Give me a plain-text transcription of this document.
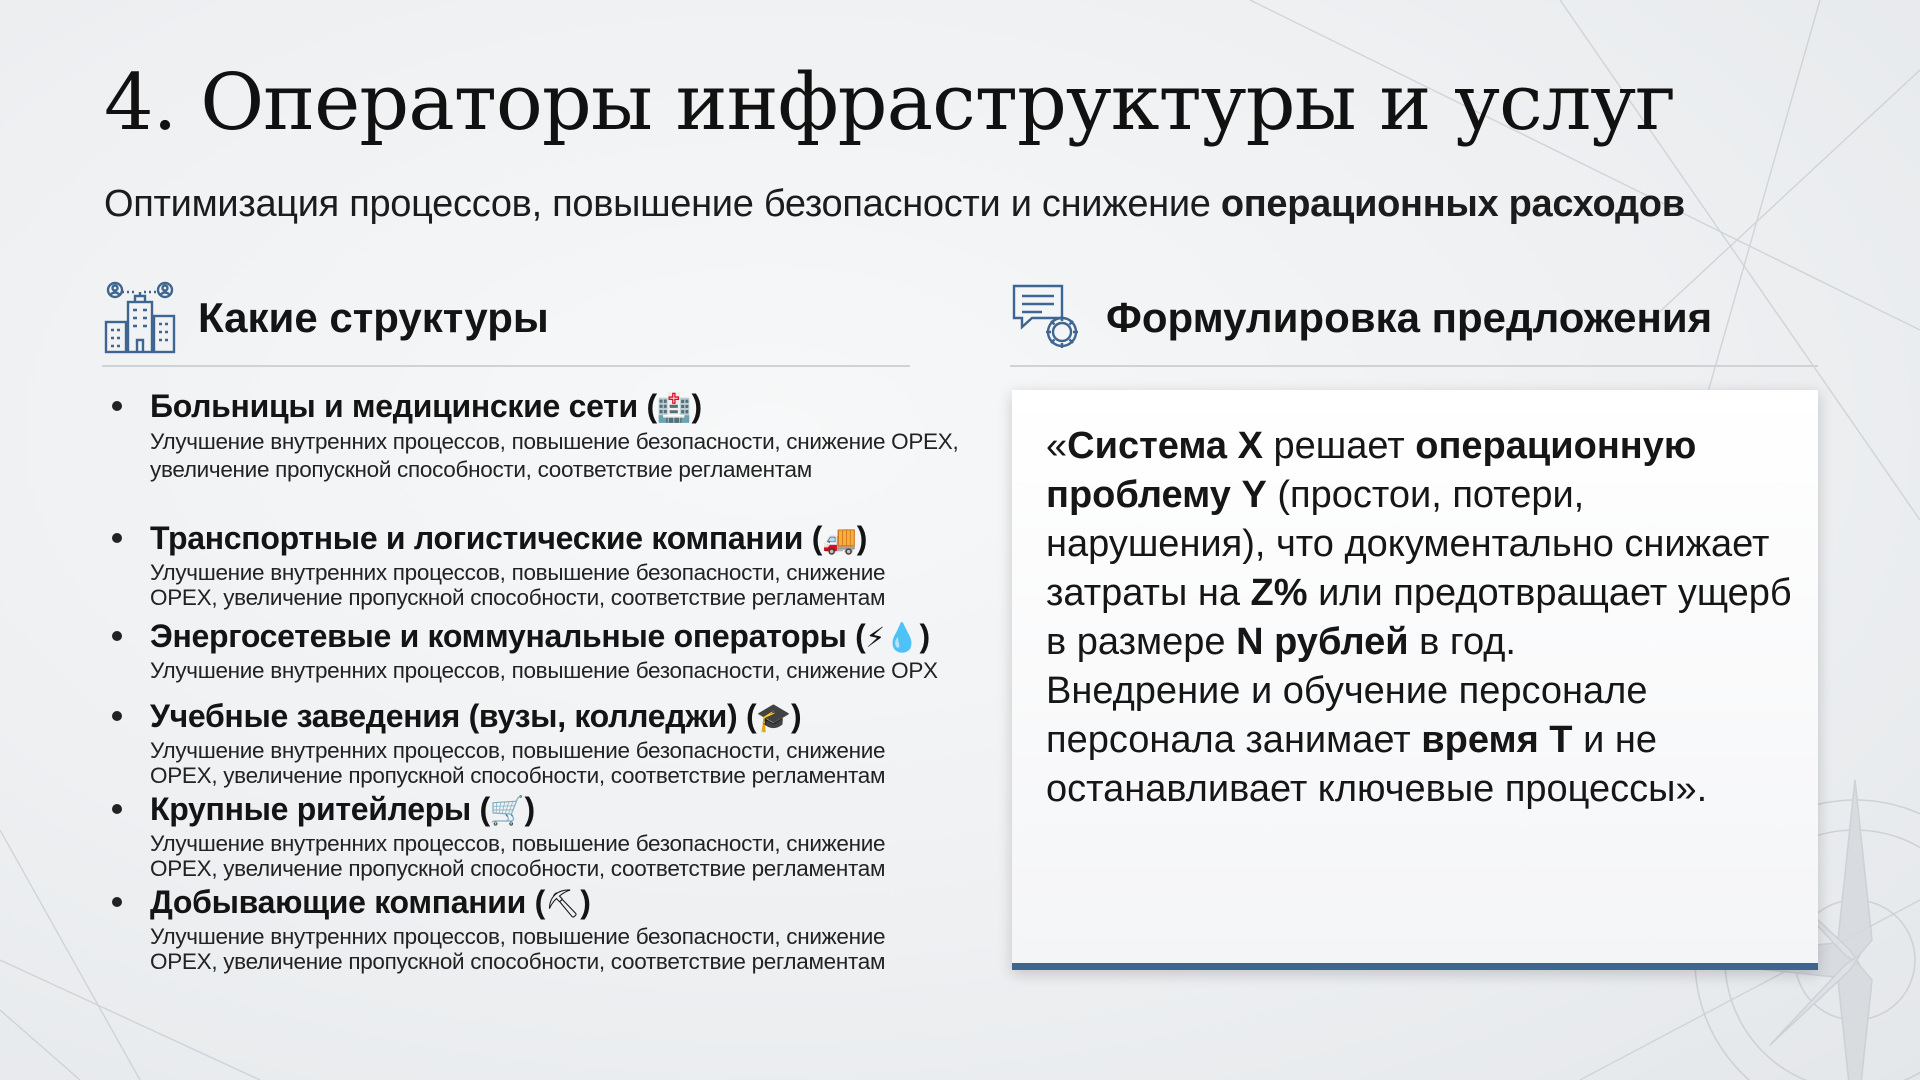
4. Операторы инфраструктуры и услуг
Оптимизация процессов, повышение безопасности и снижение операционных расходов
Какие структуры	Формулировка предложения
Больницы и медицинские сети (🏥)
Улучшение внутренних процессов, повышение безопасности, снижение OPEX, увеличение пропускной способности, соответствие регламентам
Транспортные и логистические компании (🚚)
Улучшение внутренних процессов, повышение безопасности, снижение OPEX, увеличение пропускной способности, соответствие регламентам
Энергосетевые и коммунальные операторы (⚡💧)
Улучшение внутренних процессов, повышение безопасности, снижение OPX
Учебные заведения (вузы, колледжи) (🎓)
Улучшение внутренних процессов, повышение безопасности, снижение OPEX, увеличение пропускной способности, соответствие регламентам
Крупные ритейлеры (🛒)
Улучшение внутренних процессов, повышение безопасности, снижение OPEX, увеличение пропускной способности, соответствие регламентам
Добывающие компании (⛏)
Улучшение внутренних процессов, повышение безопасности, снижение OPEX, увеличение пропускной способности, соответствие регламентам
«Система X решает операционную проблему Y (простои, потери, нарушения), что документально снижает затраты на Z% или предотвращает ущерб в размере N рублей в год.
Внедрение и обучение персонале персонала занимает время T и не останавливает ключевые процессы».
